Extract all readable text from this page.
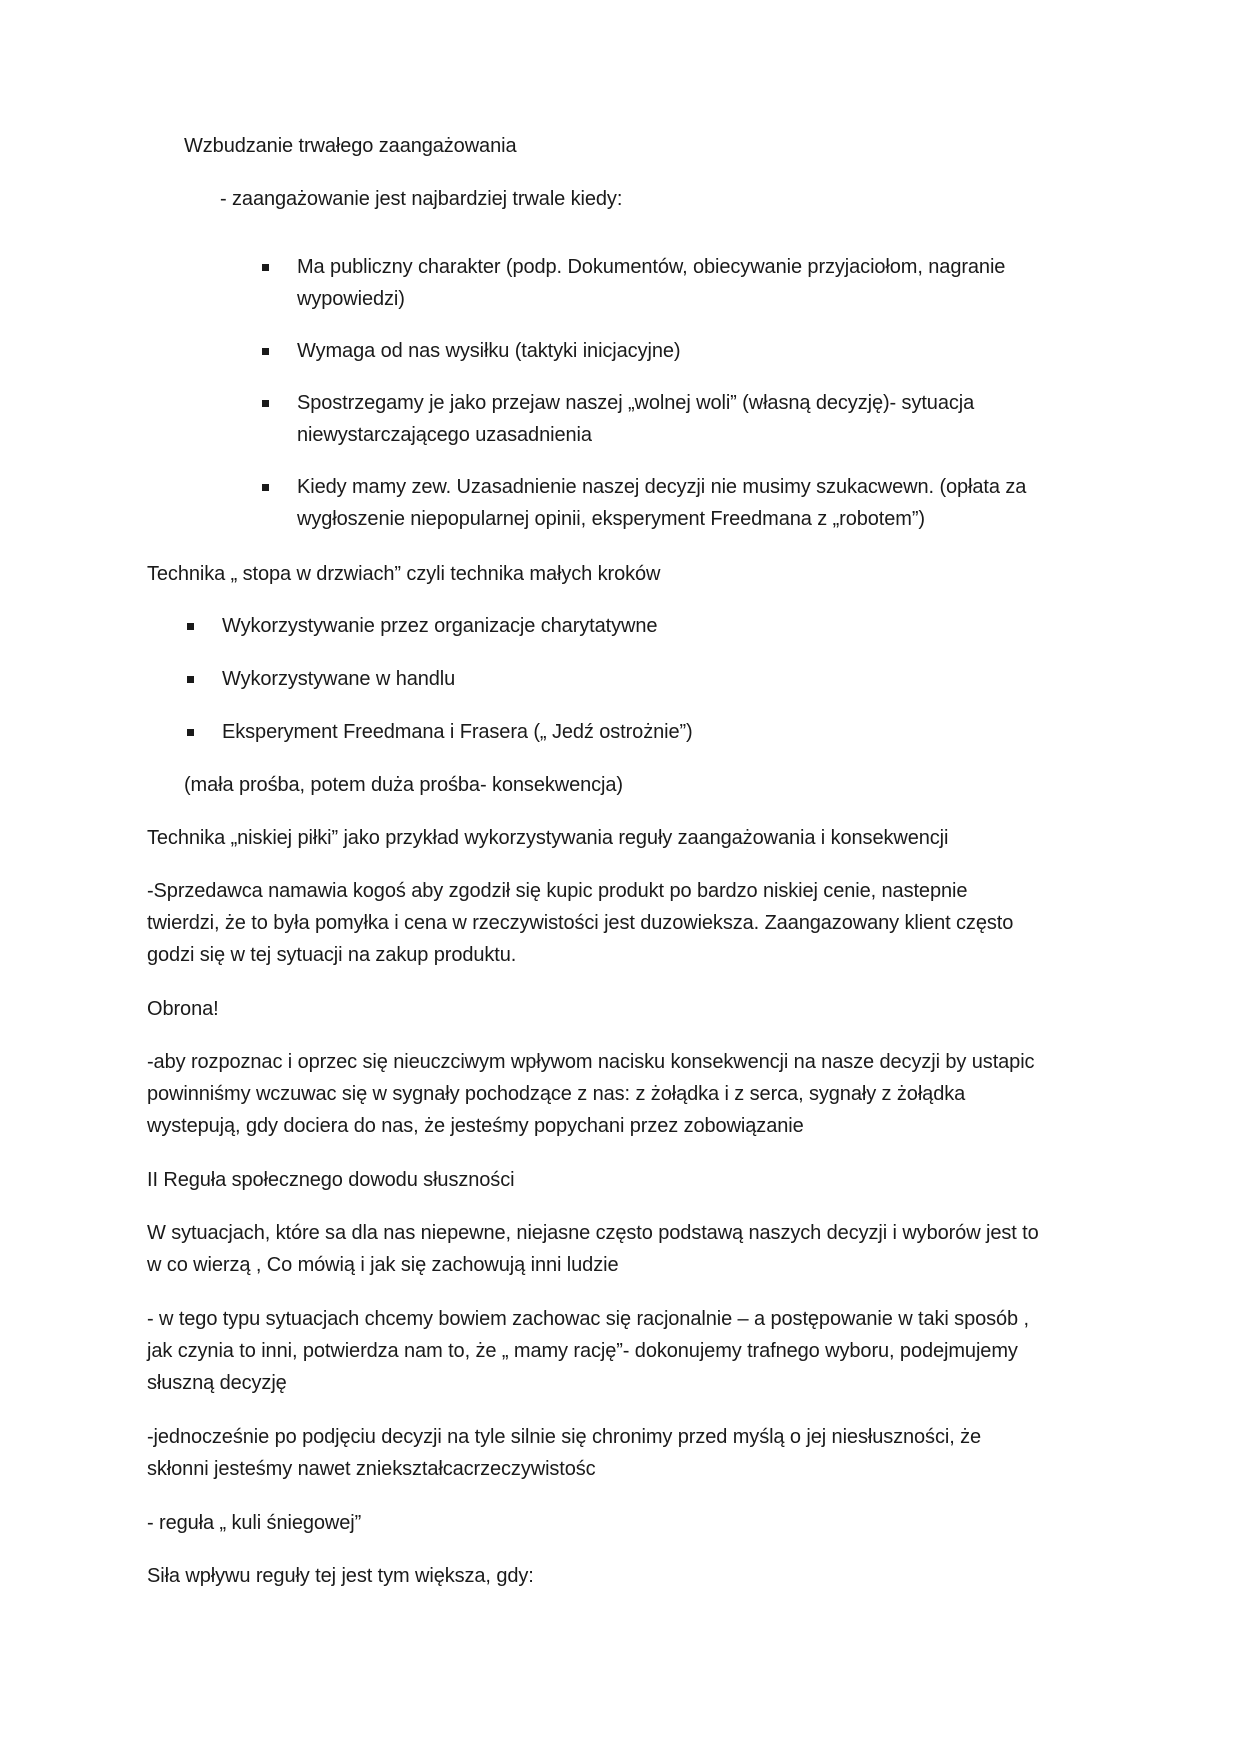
Wzbudzanie trwałego zaangażowania
- zaangażowanie jest najbardziej trwale kiedy:
Ma publiczny charakter (podp. Dokumentów, obiecywanie przyjaciołom, nagranie
wypowiedzi)
Wymaga od nas wysiłku (taktyki inicjacyjne)
Spostrzegamy je jako przejaw naszej „wolnej woli” (własną decyzję)- sytuacja
niewystarczającego uzasadnienia
Kiedy mamy zew. Uzasadnienie naszej decyzji nie musimy szukacwewn. (opłata za
wygłoszenie niepopularnej opinii, eksperyment Freedmana z „robotem”)
Technika „ stopa w drzwiach” czyli technika małych kroków
Wykorzystywanie przez organizacje charytatywne
Wykorzystywane w handlu
Eksperyment Freedmana i Frasera („ Jedź ostrożnie”)
(mała prośba, potem duża prośba- konsekwencja)
Technika „niskiej piłki” jako przykład wykorzystywania reguły zaangażowania i konsekwencji
-Sprzedawca namawia kogoś aby zgodził się kupic produkt po bardzo niskiej cenie, nastepnie
twierdzi, że to była pomyłka i cena w rzeczywistości jest duzowieksza. Zaangazowany klient często
godzi się w tej sytuacji na zakup produktu.
Obrona!
-aby rozpoznac i oprzec się nieuczciwym wpływom nacisku konsekwencji na nasze decyzji by ustapic
powinniśmy wczuwac się w sygnały pochodzące z nas: z żołądka i z serca, sygnały z żołądka
wystepują, gdy dociera do nas, że jesteśmy popychani przez zobowiązanie
II Reguła społecznego dowodu słuszności
W sytuacjach, które sa dla nas niepewne, niejasne często podstawą naszych decyzji i wyborów jest to
w co wierzą , Co mówią i jak się zachowują inni ludzie
- w tego typu sytuacjach chcemy bowiem zachowac się racjonalnie – a postępowanie w taki sposób ,
jak czynia to inni, potwierdza nam to, że „ mamy rację”- dokonujemy trafnego wyboru, podejmujemy
słuszną decyzję
-jednocześnie po podjęciu decyzji na tyle silnie się chronimy przed myślą o jej niesłuszności, że
skłonni jesteśmy nawet zniekształcacrzeczywistośc
- reguła „ kuli śniegowej”
Siła wpływu reguły tej jest tym większa, gdy:
